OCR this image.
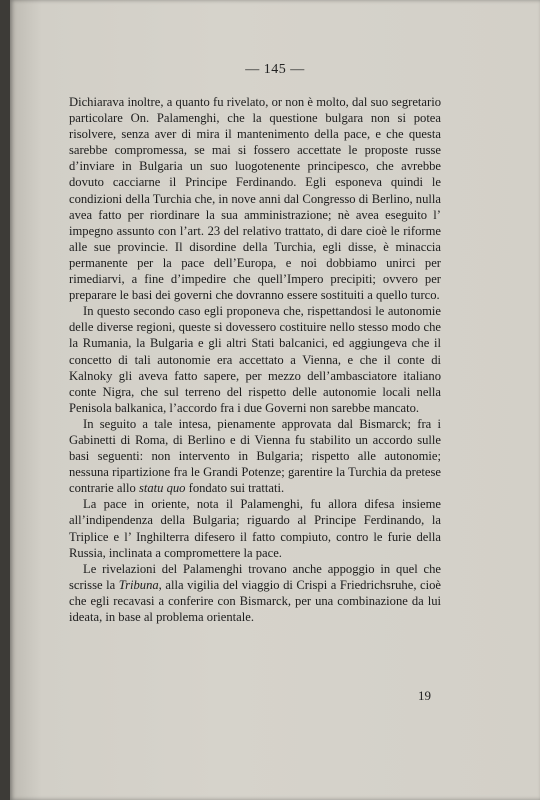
— 145 —

Dichiarava inoltre, a quanto fu rivelato, or non è molto, dal suo segretario particolare On. Palamenghi, che la questione bulgara non si potea risolvere, senza aver di mira il mantenimento della pace, e che questa sarebbe compromessa, se mai si fossero accettate le proposte russe d’inviare in Bulgaria un suo luogotenente principesco, che avrebbe dovuto cacciarne il Principe Ferdinando. Egli esponeva quindi le condizioni della Turchia che, in nove anni dal Congresso di Berlino, nulla avea fatto per riordinare la sua amministrazione; nè avea eseguito l’ impegno assunto con l’art. 23 del relativo trattato, di dare cioè le riforme alle sue provincie. Il disordine della Turchia, egli disse, è minaccia permanente per la pace dell’Europa, e noi dobbiamo unirci per rimediarvi, a fine d’impedire che quell’Impero precipiti; ovvero per preparare le basi dei governi che dovranno essere sostituiti a quello turco.

In questo secondo caso egli proponeva che, rispettandosi le autonomie delle diverse regioni, queste si dovessero costituire nello stesso modo che la Rumania, la Bulgaria e gli altri Stati balcanici, ed aggiungeva che il concetto di tali autonomie era accettato a Vienna, e che il conte di Kalnoky gli aveva fatto sapere, per mezzo dell’ambasciatore italiano conte Nigra, che sul terreno del rispetto delle autonomie locali nella Penisola balkanica, l’accordo fra i due Governi non sarebbe mancato.

In seguito a tale intesa, pienamente approvata dal Bismarck; fra i Gabinetti di Roma, di Berlino e di Vienna fu stabilito un accordo sulle basi seguenti: non intervento in Bulgaria; rispetto alle autonomie; nessuna ripartizione fra le Grandi Potenze; garentire la Turchia da pretese contrarie allo statu quo fondato sui trattati.

La pace in oriente, nota il Palamenghi, fu allora difesa insieme all’indipendenza della Bulgaria; riguardo al Principe Ferdinando, la Triplice e l’ Inghilterra difesero il fatto compiuto, contro le furie della Russia, inclinata a compromettere la pace.

Le rivelazioni del Palamenghi trovano anche appoggio in quel che scrisse la Tribuna, alla vigilia del viaggio di Crispi a Friedrichsruhe, cioè che egli recavasi a conferire con Bismarck, per una combinazione da lui ideata, in base al problema orientale.

19
